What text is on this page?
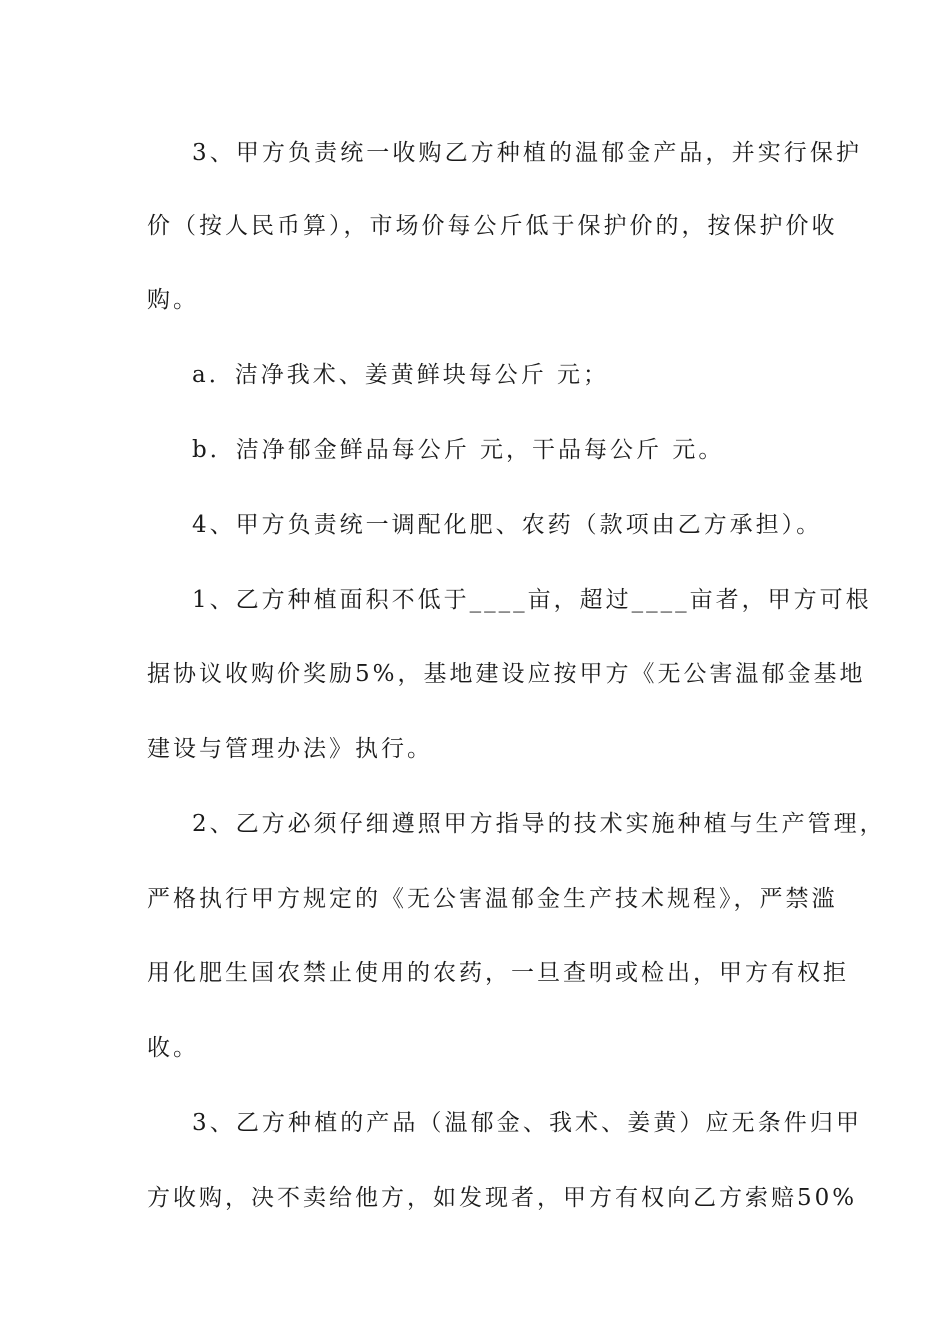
3、甲方负责统一收购乙方种植的温郁金产品，并实行保护
价（按人民币算），市场价每公斤低于保护价的，按保护价收
购。
a．洁净我术、姜黄鲜块每公斤 元；
b．洁净郁金鲜品每公斤 元，干品每公斤 元。
4、甲方负责统一调配化肥、农药（款项由乙方承担）。
1、乙方种植面积不低于____亩，超过____亩者，甲方可根
据协议收购价奖励5%，基地建设应按甲方《无公害温郁金基地
建设与管理办法》执行。
2、乙方必须仔细遵照甲方指导的技术实施种植与生产管理，
严格执行甲方规定的《无公害温郁金生产技术规程》，严禁滥
用化肥生国农禁止使用的农药，一旦查明或检出，甲方有权拒
收。
3、乙方种植的产品（温郁金、我术、姜黄）应无条件归甲
方收购，决不卖给他方，如发现者，甲方有权向乙方索赔50%
